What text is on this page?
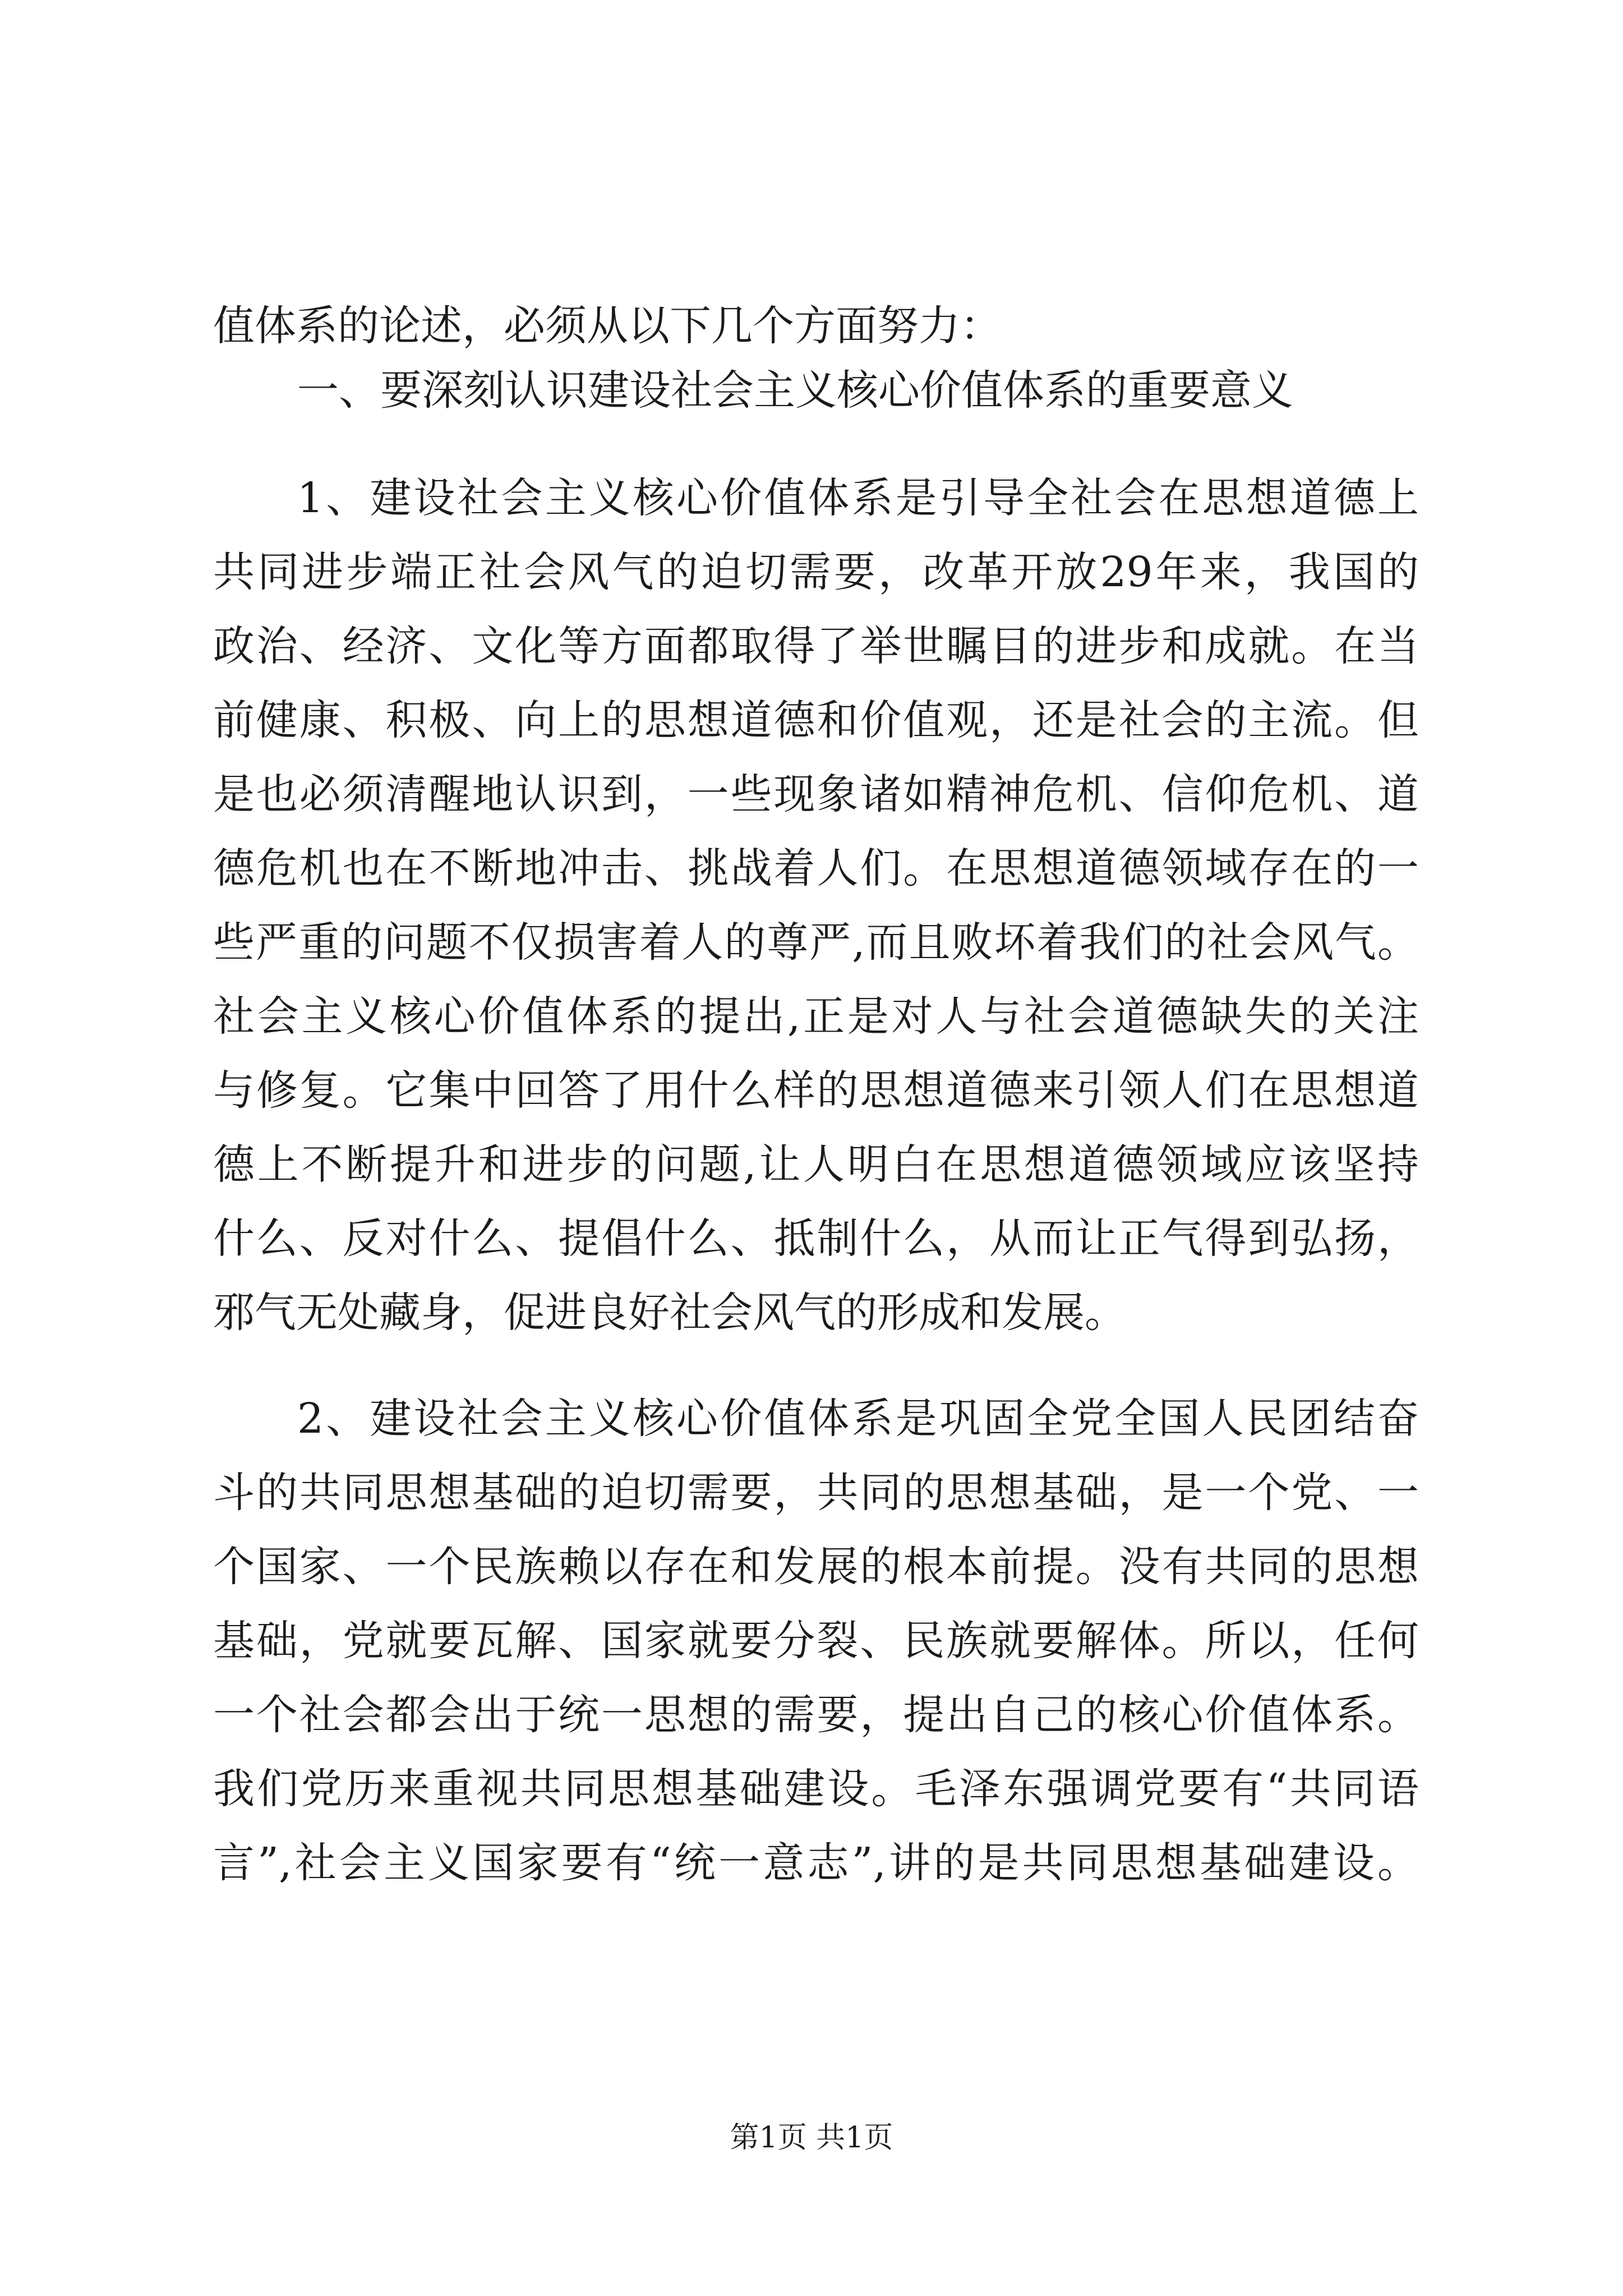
值体系的论述，必须从以下几个方面努力：
一、要深刻认识建设社会主义核心价值体系的重要意义
1、建设社会主义核心价值体系是引导全社会在思想道德上
共同进步端正社会风气的迫切需要，改革开放29年来，我国的
政治、经济、文化等方面都取得了举世瞩目的进步和成就。在当
前健康、积极、向上的思想道德和价值观，还是社会的主流。但
是也必须清醒地认识到，一些现象诸如精神危机、信仰危机、道
德危机也在不断地冲击、挑战着人们。在思想道德领域存在的一
些严重的问题不仅损害着人的尊严,而且败坏着我们的社会风气。
社会主义核心价值体系的提出,正是对人与社会道德缺失的关注
与修复。它集中回答了用什么样的思想道德来引领人们在思想道
德上不断提升和进步的问题,让人明白在思想道德领域应该坚持
什么、反对什么、提倡什么、抵制什么，从而让正气得到弘扬，
邪气无处藏身，促进良好社会风气的形成和发展。
2、建设社会主义核心价值体系是巩固全党全国人民团结奋
斗的共同思想基础的迫切需要，共同的思想基础，是一个党、一
个国家、一个民族赖以存在和发展的根本前提。没有共同的思想
基础，党就要瓦解、国家就要分裂、民族就要解体。所以，任何
一个社会都会出于统一思想的需要，提出自己的核心价值体系。
我们党历来重视共同思想基础建设。毛泽东强调党要有“共同语
言”,社会主义国家要有“统一意志”,讲的是共同思想基础建设。
第1页 共1页
